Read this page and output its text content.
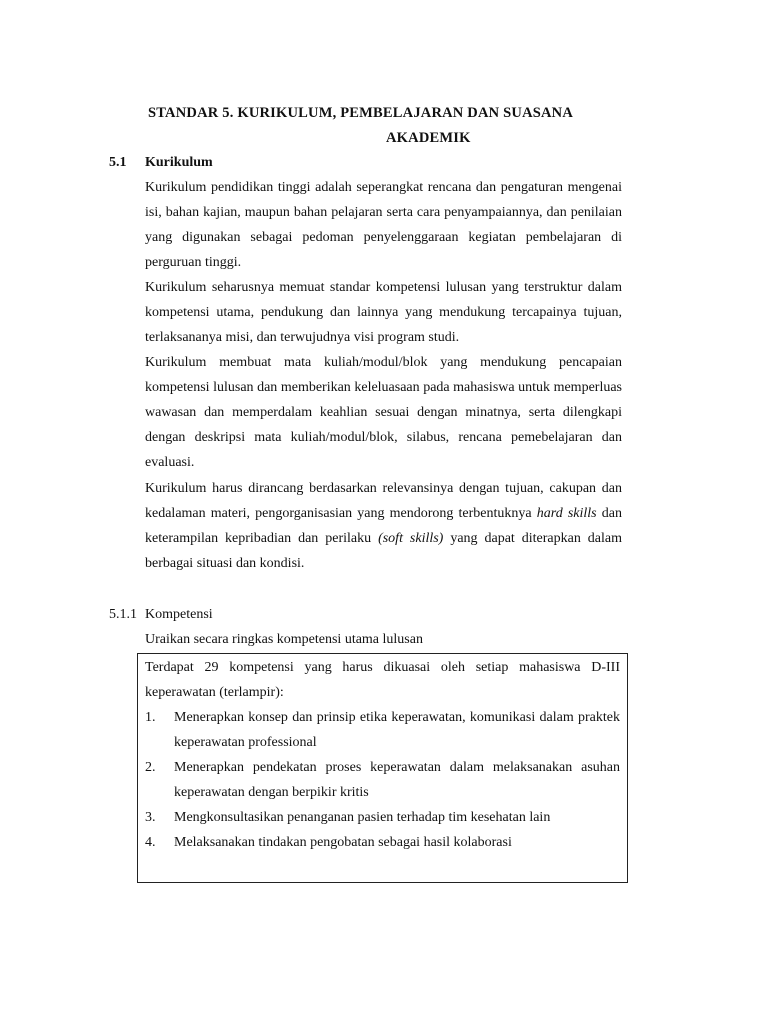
STANDAR 5. KURIKULUM, PEMBELAJARAN DAN SUASANA
AKADEMIK
5.1 Kurikulum

Kurikulum pendidikan tinggi adalah seperangkat rencana dan pengaturan mengenai isi, bahan kajian, maupun bahan pelajaran serta cara penyampaiannya, dan penilaian yang digunakan sebagai pedoman penyelenggaraan kegiatan pembelajaran di perguruan tinggi.

Kurikulum seharusnya memuat standar kompetensi lulusan yang terstruktur dalam kompetensi utama, pendukung dan lainnya yang mendukung tercapainya tujuan, terlaksananya misi, dan terwujudnya visi program studi.

Kurikulum membuat mata kuliah/modul/blok yang mendukung pencapaian kompetensi lulusan dan memberikan keleluasaan pada mahasiswa untuk memperluas wawasan dan memperdalam keahlian sesuai dengan minatnya, serta dilengkapi dengan deskripsi mata kuliah/modul/blok, silabus, rencana pemebelajaran dan evaluasi.

Kurikulum harus dirancang berdasarkan relevansinya dengan tujuan, cakupan dan kedalaman materi, pengorganisasian yang mendorong terbentuknya hard skills dan keterampilan kepribadian dan perilaku (soft skills) yang dapat diterapkan dalam berbagai situasi dan kondisi.

5.1.1 Kompetensi
Uraikan secara ringkas kompetensi utama lulusan
Terdapat 29 kompetensi yang harus dikuasai oleh setiap mahasiswa D-III keperawatan (terlampir):
1. Menerapkan konsep dan prinsip etika keperawatan, komunikasi dalam praktek keperawatan professional
2. Menerapkan pendekatan proses keperawatan dalam melaksanakan asuhan keperawatan dengan berpikir kritis
3. Mengkonsultasikan penanganan pasien terhadap tim kesehatan lain
4. Melaksanakan tindakan pengobatan sebagai hasil kolaborasi
